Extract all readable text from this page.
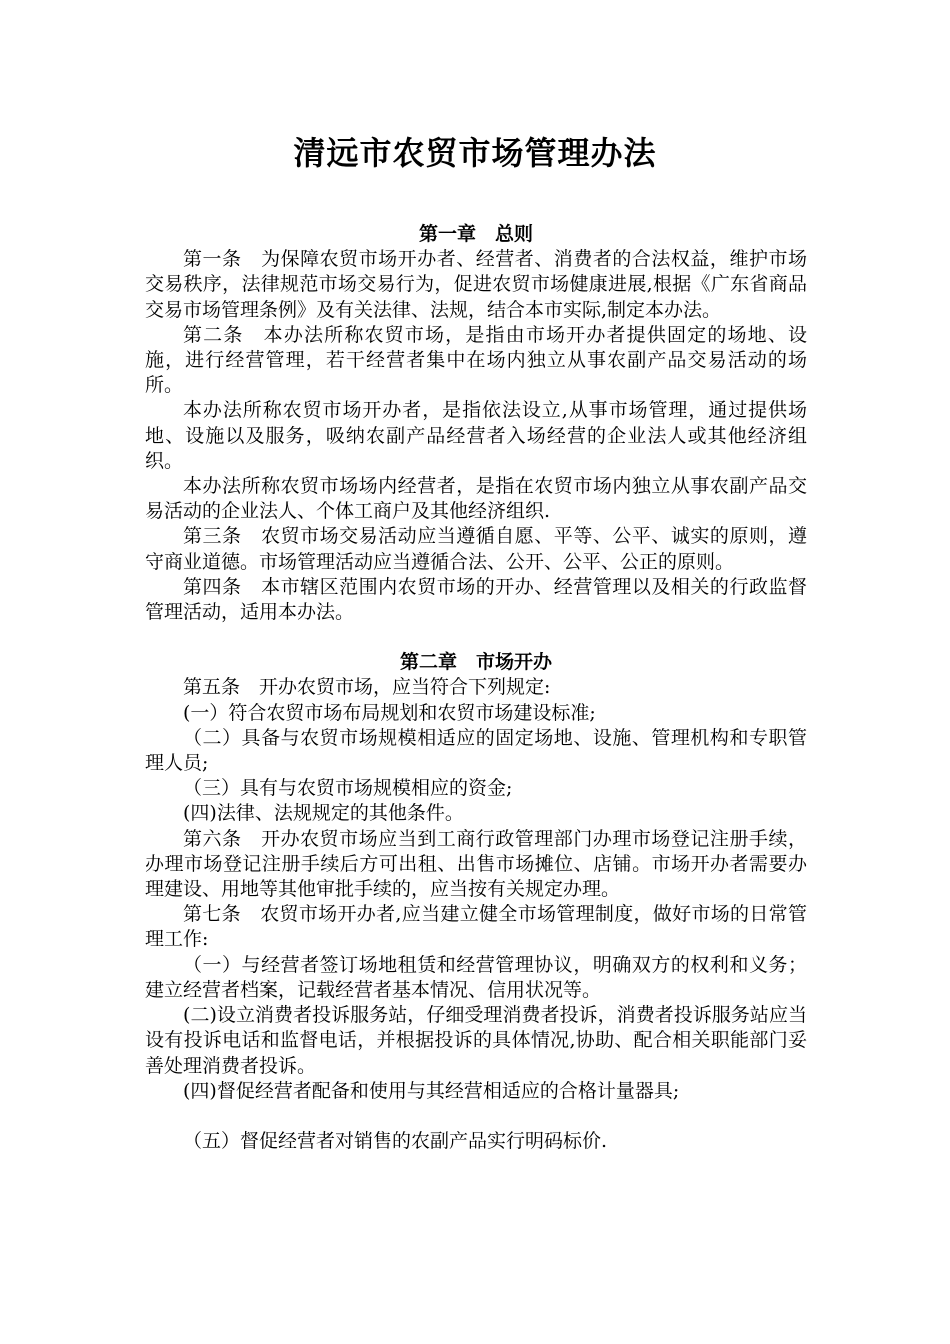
清远市农贸市场管理办法

第一章　总则

第一条　为保障农贸市场开办者、经营者、消费者的合法权益，维护市场交易秩序，法律规范市场交易行为，促进农贸市场健康进展,根据《广东省商品交易市场管理条例》及有关法律、法规，结合本市实际,制定本办法。

第二条　本办法所称农贸市场，是指由市场开办者提供固定的场地、设施，进行经营管理，若干经营者集中在场内独立从事农副产品交易活动的场所。

本办法所称农贸市场开办者，是指依法设立,从事市场管理，通过提供场地、设施以及服务，吸纳农副产品经营者入场经营的企业法人或其他经济组织。

本办法所称农贸市场场内经营者，是指在农贸市场内独立从事农副产品交易活动的企业法人、个体工商户及其他经济组织.

第三条　农贸市场交易活动应当遵循自愿、平等、公平、诚实的原则，遵守商业道德。市场管理活动应当遵循合法、公开、公平、公正的原则。

第四条　本市辖区范围内农贸市场的开办、经营管理以及相关的行政监督管理活动，适用本办法。

第二章　市场开办

第五条　开办农贸市场，应当符合下列规定:

(一）符合农贸市场布局规划和农贸市场建设标准;

（二）具备与农贸市场规模相适应的固定场地、设施、管理机构和专职管理人员;

（三）具有与农贸市场规模相应的资金;

(四)法律、法规规定的其他条件。

第六条　开办农贸市场应当到工商行政管理部门办理市场登记注册手续，办理市场登记注册手续后方可出租、出售市场摊位、店铺。市场开办者需要办理建设、用地等其他审批手续的，应当按有关规定办理。

第七条　农贸市场开办者,应当建立健全市场管理制度，做好市场的日常管理工作:

（一）与经营者签订场地租赁和经营管理协议，明确双方的权利和义务；建立经营者档案，记载经营者基本情况、信用状况等。

(二)设立消费者投诉服务站，仔细受理消费者投诉，消费者投诉服务站应当设有投诉电话和监督电话，并根据投诉的具体情况,协助、配合相关职能部门妥善处理消费者投诉。

(四)督促经营者配备和使用与其经营相适应的合格计量器具;

（五）督促经营者对销售的农副产品实行明码标价.
